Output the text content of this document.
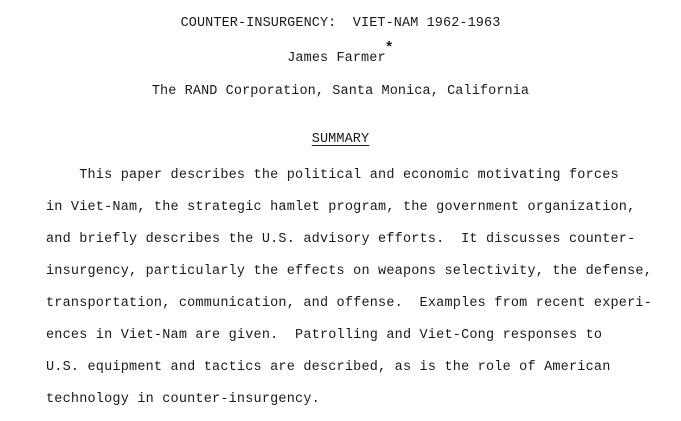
COUNTER-INSURGENCY:  VIET-NAM 1962-1963
James Farmer*
The RAND Corporation, Santa Monica, California
SUMMARY
This paper describes the political and economic motivating forces
in Viet-Nam, the strategic hamlet program, the government organization,
and briefly describes the U.S. advisory efforts.  It discusses counter-
insurgency, particularly the effects on weapons selectivity, the defense,
transportation, communication, and offense.  Examples from recent experi-
ences in Viet-Nam are given.  Patrolling and Viet-Cong responses to
U.S. equipment and tactics are described, as is the role of American
technology in counter-insurgency.
